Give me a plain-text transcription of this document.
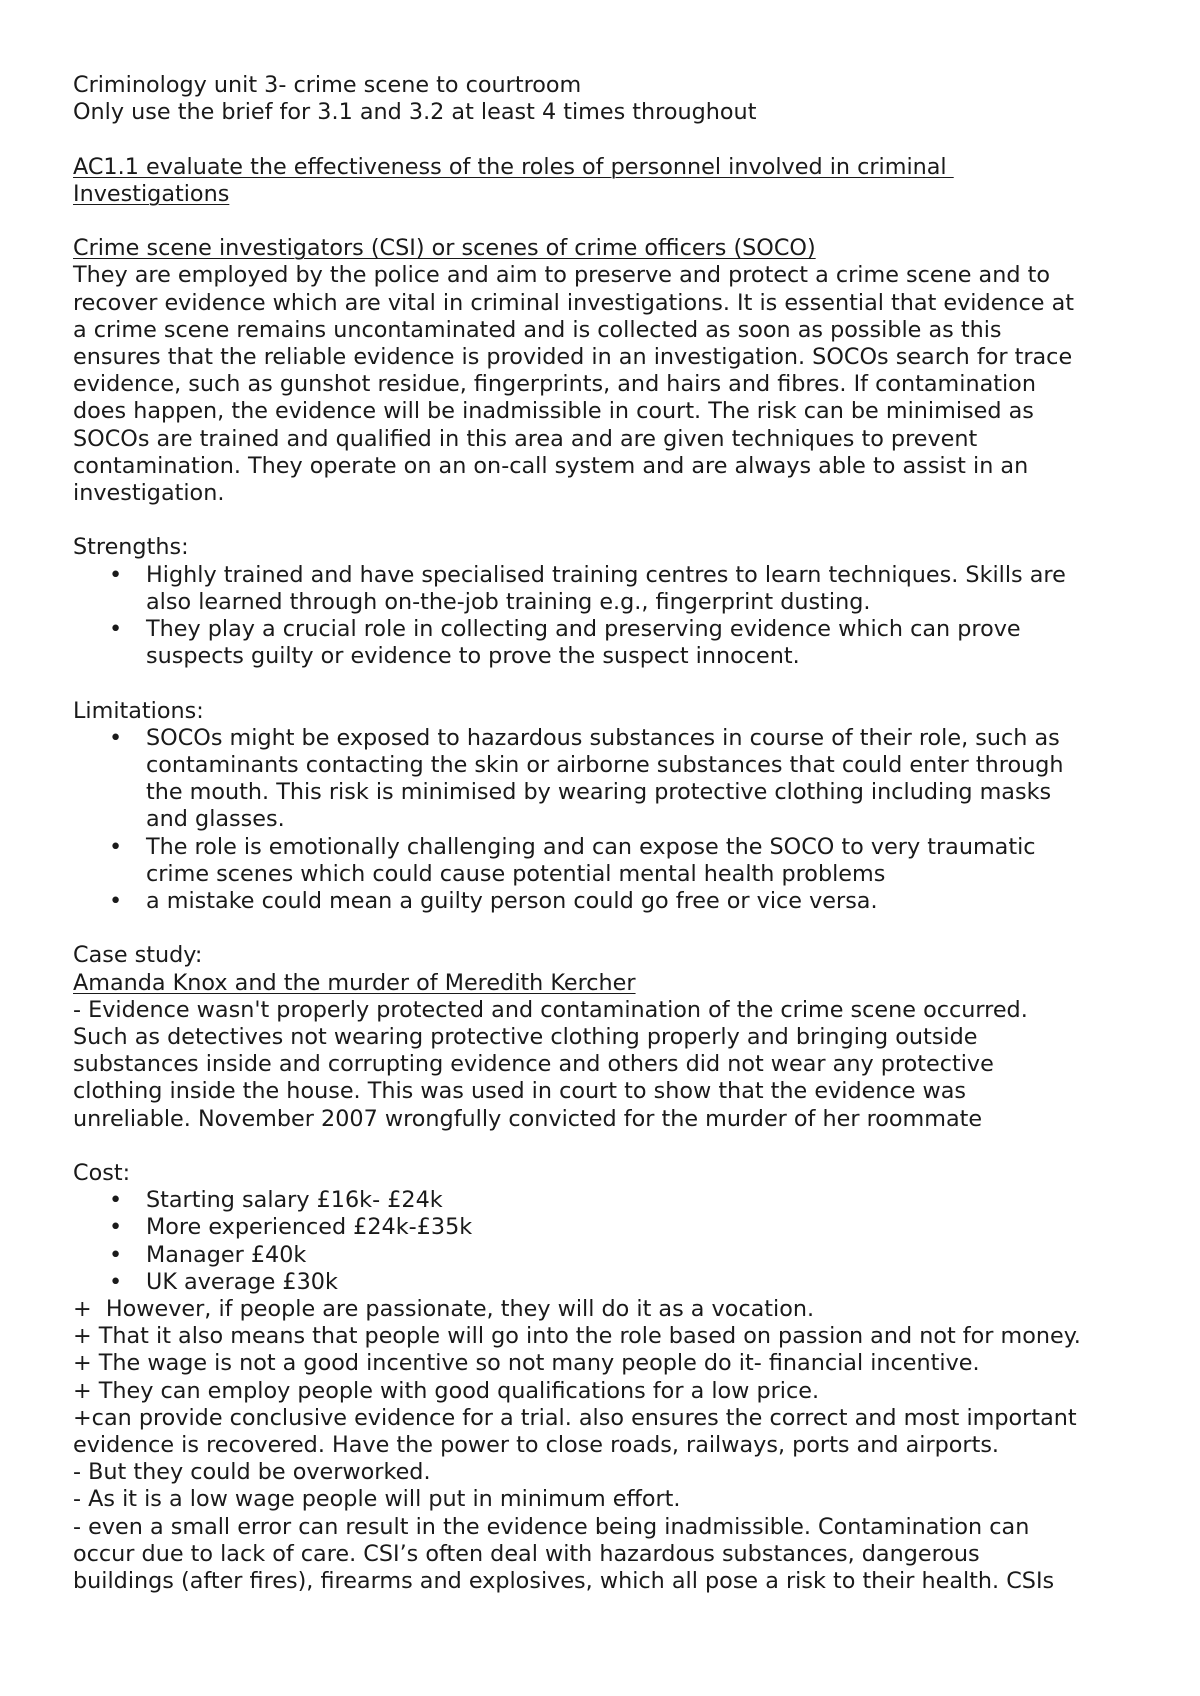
Criminology unit 3- crime scene to courtroom
Only use the brief for 3.1 and 3.2 at least 4 times throughout
AC1.1 evaluate the effectiveness of the roles of personnel involved in criminal
Investigations
Crime scene investigators (CSI) or scenes of crime officers (SOCO)
They are employed by the police and aim to preserve and protect a crime scene and to
recover evidence which are vital in criminal investigations. It is essential that evidence at
a crime scene remains uncontaminated and is collected as soon as possible as this
ensures that the reliable evidence is provided in an investigation. SOCOs search for trace
evidence, such as gunshot residue, fingerprints, and hairs and fibres. If contamination
does happen, the evidence will be inadmissible in court. The risk can be minimised as
SOCOs are trained and qualified in this area and are given techniques to prevent
contamination. They operate on an on-call system and are always able to assist in an
investigation.
Strengths:
• Highly trained and have specialised training centres to learn techniques. Skills are
also learned through on-the-job training e.g., fingerprint dusting.
• They play a crucial role in collecting and preserving evidence which can prove
suspects guilty or evidence to prove the suspect innocent.
Limitations:
• SOCOs might be exposed to hazardous substances in course of their role, such as
contaminants contacting the skin or airborne substances that could enter through
the mouth. This risk is minimised by wearing protective clothing including masks
and glasses.
• The role is emotionally challenging and can expose the SOCO to very traumatic
crime scenes which could cause potential mental health problems
• a mistake could mean a guilty person could go free or vice versa.
Case study:
Amanda Knox and the murder of Meredith Kercher
- Evidence wasn't properly protected and contamination of the crime scene occurred.
Such as detectives not wearing protective clothing properly and bringing outside
substances inside and corrupting evidence and others did not wear any protective
clothing inside the house. This was used in court to show that the evidence was
unreliable. November 2007 wrongfully convicted for the murder of her roommate
Cost:
• Starting salary £16k- £24k
• More experienced £24k-£35k
• Manager £40k
• UK average £30k
+  However, if people are passionate, they will do it as a vocation.
+ That it also means that people will go into the role based on passion and not for money.
+ The wage is not a good incentive so not many people do it- financial incentive.
+ They can employ people with good qualifications for a low price.
+can provide conclusive evidence for a trial. also ensures the correct and most important
evidence is recovered. Have the power to close roads, railways, ports and airports.
- But they could be overworked.
- As it is a low wage people will put in minimum effort.
- even a small error can result in the evidence being inadmissible. Contamination can
occur due to lack of care. CSI’s often deal with hazardous substances, dangerous
buildings (after fires), firearms and explosives, which all pose a risk to their health. CSIs
